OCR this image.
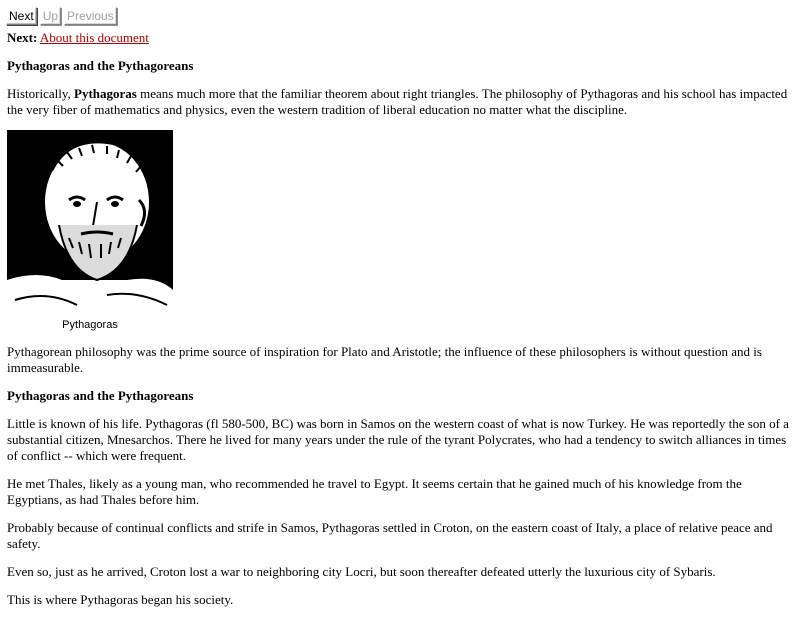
Next Up Previous
Next: About this document
Pythagoras and the Pythagoreans

Historically, Pythagoras means much more that the familiar theorem about right triangles. The philosophy of Pythagoras and his school has impacted the very fiber of mathematics and physics, even the western tradition of liberal education no matter what the discipline.

Pythagoras

Pythagorean philosophy was the prime source of inspiration for Plato and Aristotle; the influence of these philosophers is without question and is immeasurable.

Pythagoras and the Pythagoreans

Little is known of his life. Pythagoras (fl 580-500, BC) was born in Samos on the western coast of what is now Turkey. He was reportedly the son of a substantial citizen, Mnesarchos. There he lived for many years under the rule of the tyrant Polycrates, who had a tendency to switch alliances in times of conflict -- which were frequent.

He met Thales, likely as a young man, who recommended he travel to Egypt. It seems certain that he gained much of his knowledge from the Egyptians, as had Thales before him.

Probably because of continual conflicts and strife in Samos, Pythagoras settled in Croton, on the eastern coast of Italy, a place of relative peace and safety.

Even so, just as he arrived, Croton lost a war to neighboring city Locri, but soon thereafter defeated utterly the luxurious city of Sybaris.

This is where Pythagoras began his society.
